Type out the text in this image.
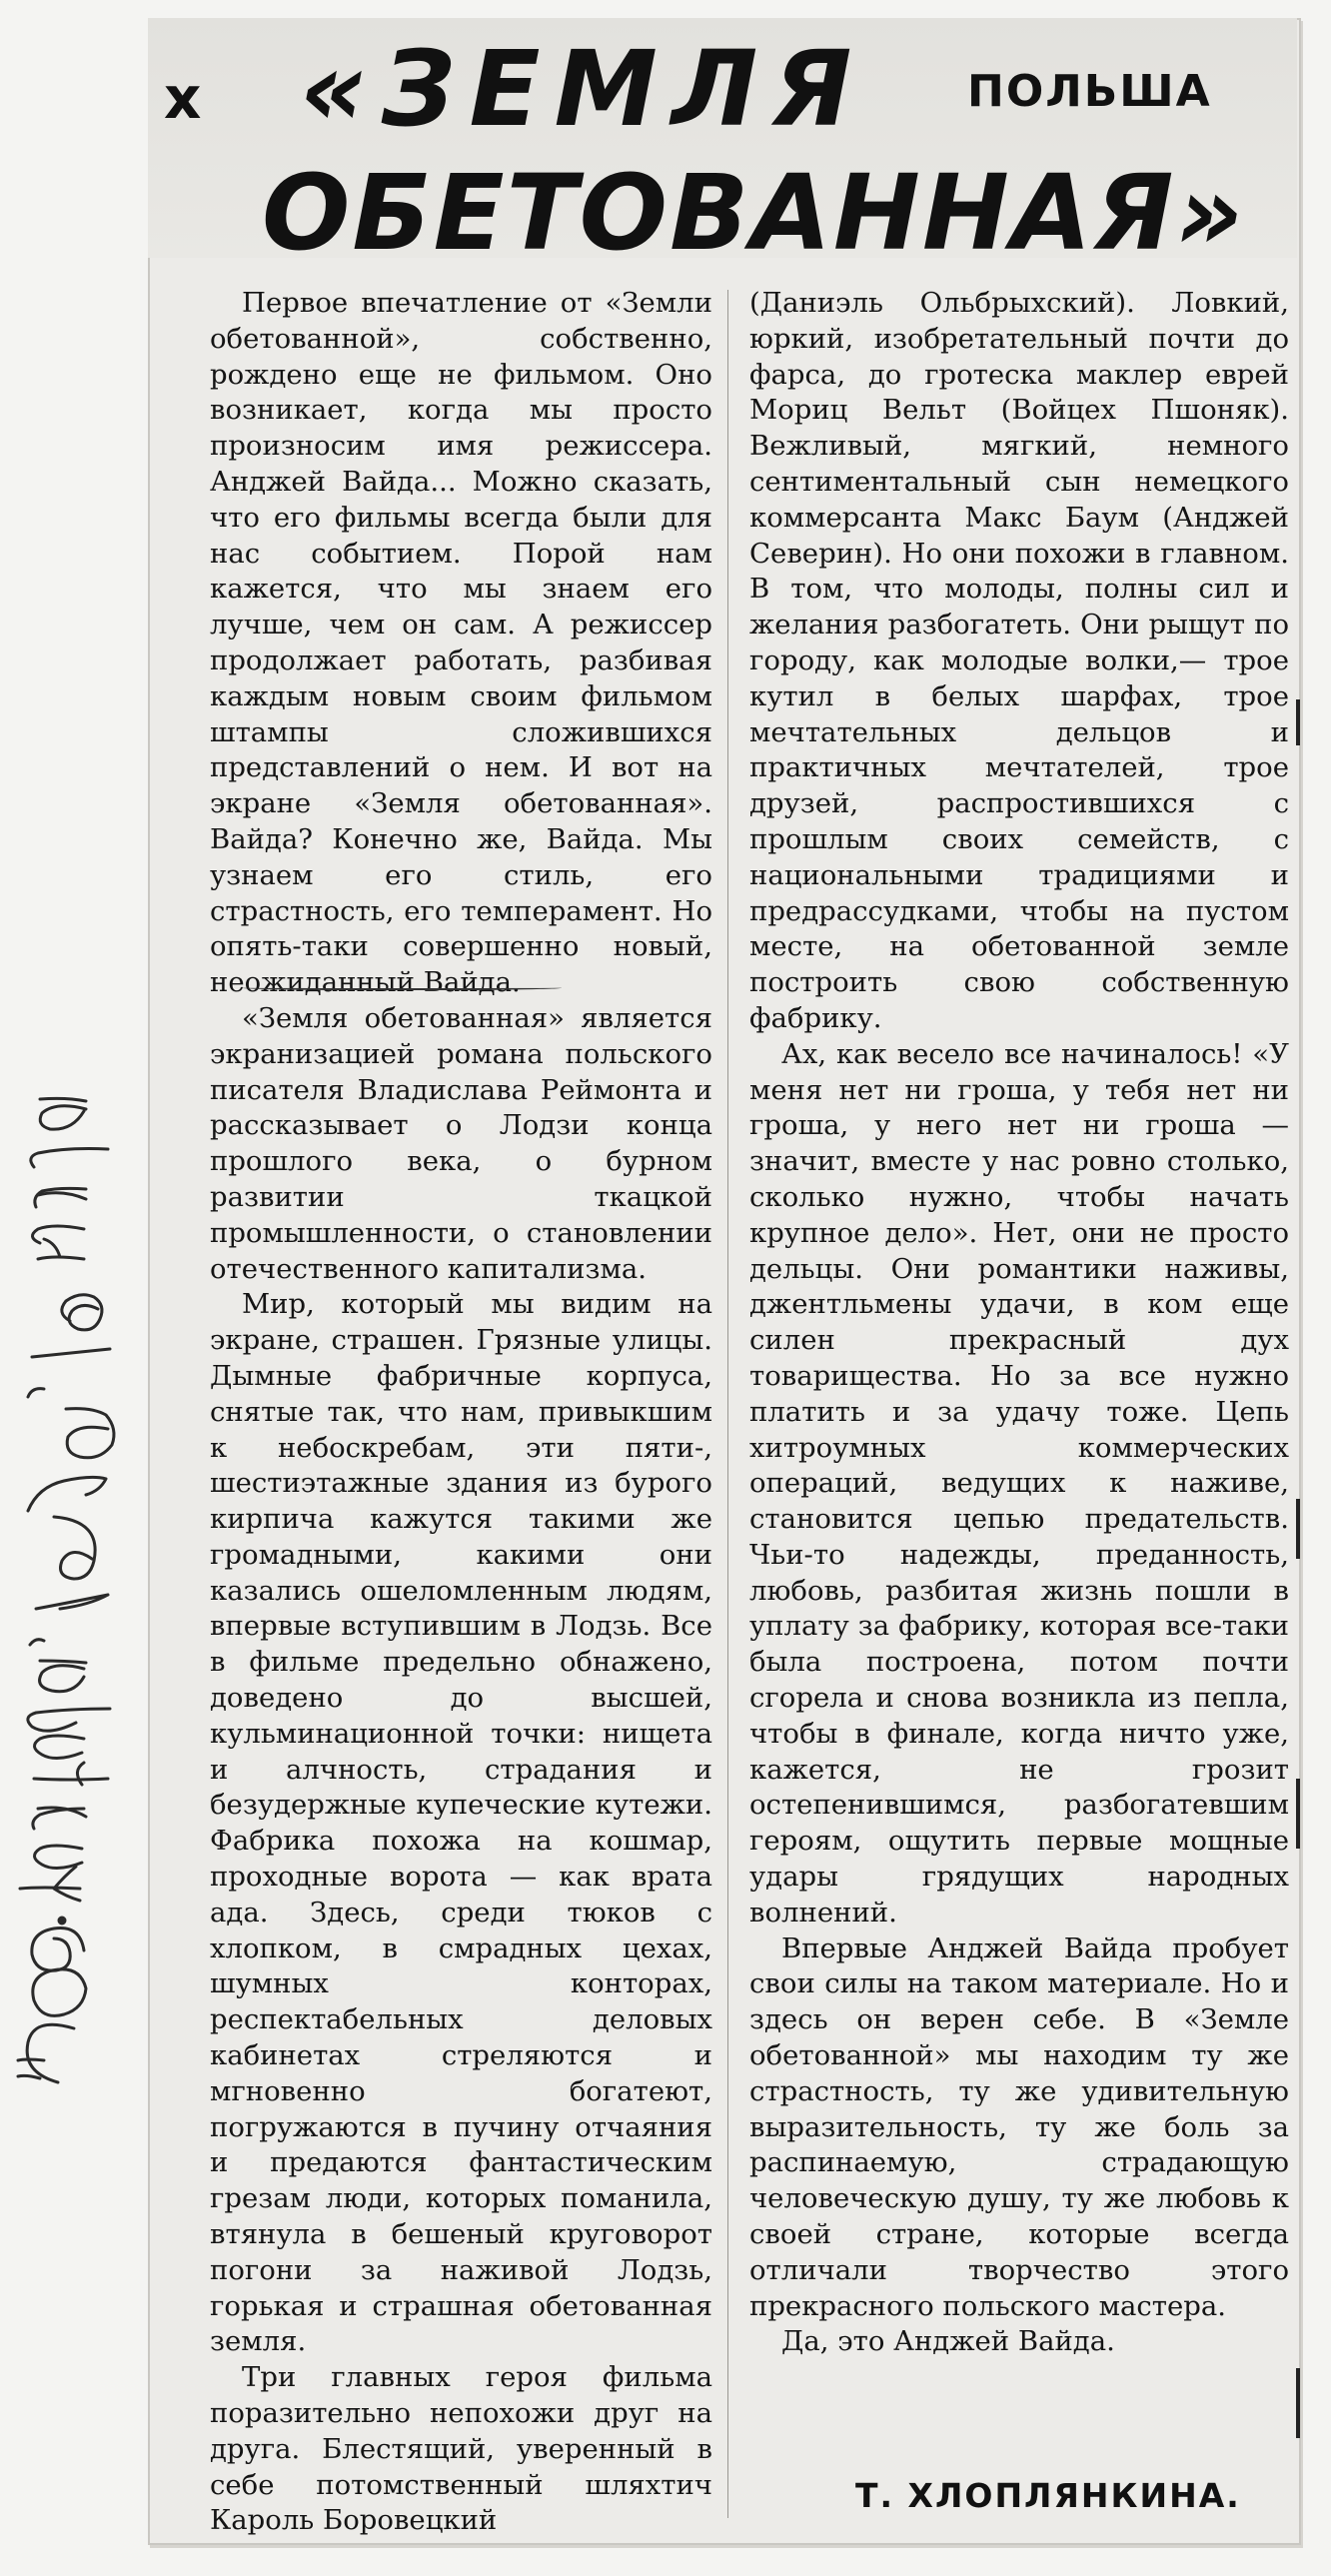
х «ЗЕМЛЯ	ПОЛЬША
ОБЕТОВАННАЯ»

Первое впечатление от «Земли обетованной», собственно, рождено еще не фильмом. Оно возникает, когда мы просто произносим имя режиссера. Анджей Вайда... Можно сказать, что его фильмы всегда были для нас событием. Порой нам кажется, что мы знаем его лучше, чем он сам. А режиссер продолжает работать, разбивая каждым новым своим фильмом штампы сложившихся представлений о нем. И вот на экране «Земля обетованная». Вайда? Конечно же, Вайда. Мы узнаем его стиль, его страстность, его темперамент. Но опять-таки совершенно новый, неожиданный Вайда.

«Земля обетованная» является экранизацией романа польского писателя Владислава Реймонта и рассказывает о Лодзи конца прошлого века, о бурном развитии ткацкой промышленности, о становлении отечественного капитализма.

Мир, который мы видим на экране, страшен. Грязные улицы. Дымные фабричные корпуса, снятые так, что нам, привыкшим к небоскребам, эти пяти-, шестиэтажные здания из бурого кирпича кажутся такими же громадными, какими они казались ошеломленным людям, впервые вступившим в Лодзь. Все в фильме предельно обнажено, доведено до высшей, кульминационной точки: нищета и алчность, страдания и безудержные купеческие кутежи. Фабрика похожа на кошмар, проходные ворота — как врата ада. Здесь, среди тюков с хлопком, в смрадных цехах, шумных конторах, респектабельных деловых кабинетах стреляются и мгновенно богатеют, погружаются в пучину отчаяния и предаются фантастическим грезам люди, которых поманила, втянула в бешеный круговорот погони за наживой Лодзь, горькая и страшная обетованная земля.

Три главных героя фильма поразительно непохожи друг на друга. Блестящий, уверенный в себе потомственный шляхтич Кароль Боровецкий

(Даниэль Ольбрыхский). Ловкий, юркий, изобретательный почти до фарса, до гротеска маклер еврей Мориц Вельт (Войцех Пшоняк). Вежливый, мягкий, немного сентиментальный сын немецкого коммерсанта Макс Баум (Анджей Северин). Но они похожи в главном. В том, что молоды, полны сил и желания разбогатеть. Они рыщут по городу, как молодые волки,— трое кутил в белых шарфах, трое мечтательных дельцов и практичных мечтателей, трое друзей, распростившихся с прошлым своих семейств, с национальными традициями и предрассудками, чтобы на пустом месте, на обетованной земле построить свою собственную фабрику.

Ах, как весело все начиналось! «У меня нет ни гроша, у тебя нет ни гроша, у него нет ни гроша — значит, вместе у нас ровно столько, сколько нужно, чтобы начать крупное дело». Нет, они не просто дельцы. Они романтики наживы, джентльмены удачи, в ком еще силен прекрасный дух товарищества. Но за все нужно платить и за удачу тоже. Цепь хитроумных коммерческих операций, ведущих к наживе, становится цепью предательств. Чьи-то надежды, преданность, любовь, разбитая жизнь пошли в уплату за фабрику, которая все-таки была построена, потом почти сгорела и снова возникла из пепла, чтобы в финале, когда ничто уже, кажется, не грозит остепенившимся, разбогатевшим героям, ощутить первые мощные удары грядущих народных волнений.

Впервые Анджей Вайда пробует свои силы на таком материале. Но и здесь он верен себе. В «Земле обетованной» мы находим ту же страстность, ту же удивительную выразительность, ту же боль за распинаемую, страдающую человеческую душу, ту же любовь к своей стране, которые всегда отличали творчество этого прекрасного польского мастера.

Да, это Анджей Вайда.

Т. ХЛОПЛЯНКИНА.
